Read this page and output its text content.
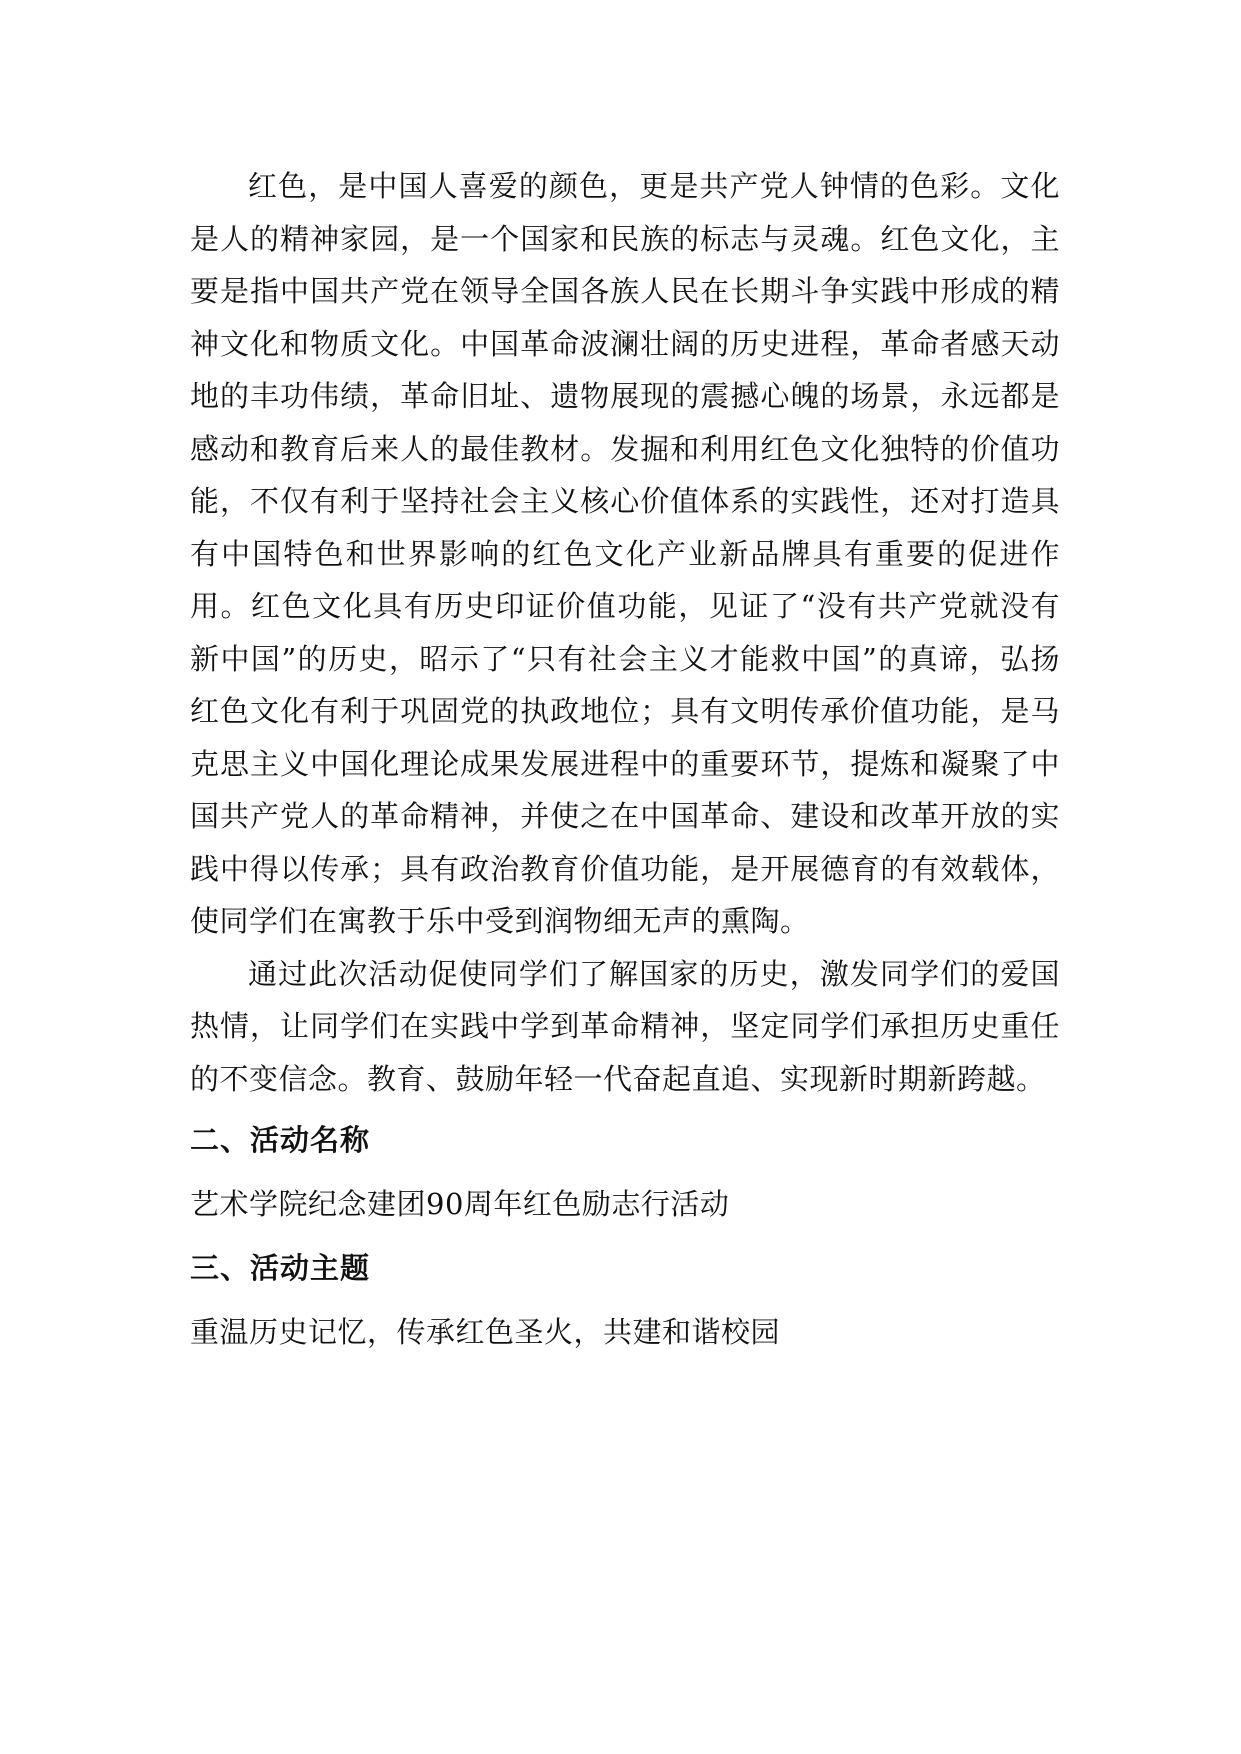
红色，是中国人喜爱的颜色，更是共产党人钟情的色彩。文化是人的精神家园，是一个国家和民族的标志与灵魂。红色文化，主要是指中国共产党在领导全国各族人民在长期斗争实践中形成的精神文化和物质文化。中国革命波澜壮阔的历史进程，革命者感天动地的丰功伟绩，革命旧址、遗物展现的震撼心魄的场景，永远都是感动和教育后来人的最佳教材。发掘和利用红色文化独特的价值功能，不仅有利于坚持社会主义核心价值体系的实践性，还对打造具有中国特色和世界影响的红色文化产业新品牌具有重要的促进作用。红色文化具有历史印证价值功能，见证了“没有共产党就没有新中国”的历史，昭示了“只有社会主义才能救中国”的真谛，弘扬红色文化有利于巩固党的执政地位；具有文明传承价值功能，是马克思主义中国化理论成果发展进程中的重要环节，提炼和凝聚了中国共产党人的革命精神，并使之在中国革命、建设和改革开放的实践中得以传承；具有政治教育价值功能，是开展德育的有效载体，使同学们在寓教于乐中受到润物细无声的熏陶。

通过此次活动促使同学们了解国家的历史，激发同学们的爱国热情，让同学们在实践中学到革命精神，坚定同学们承担历史重任的不变信念。教育、鼓励年轻一代奋起直追、实现新时期新跨越。

二、活动名称

艺术学院纪念建团90周年红色励志行活动

三、活动主题

重温历史记忆，传承红色圣火，共建和谐校园
